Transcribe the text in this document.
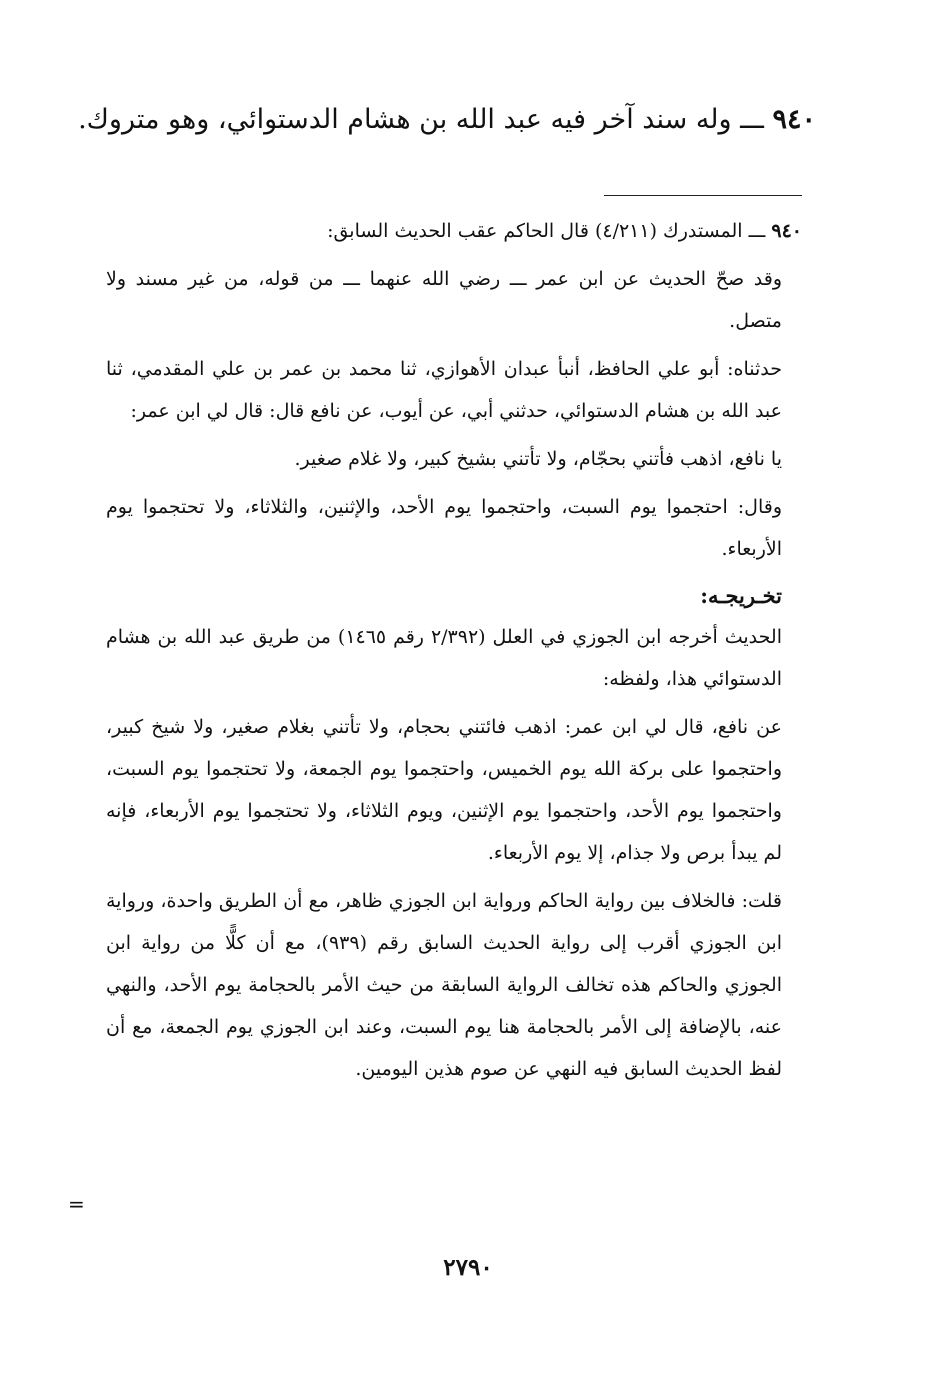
٩٤٠ ـــ وله سند آخر فيه عبد الله بن هشام الدستوائي، وهو متروك.

٩٤٠ ـــ المستدرك (٤/٢١١) قال الحاكم عقب الحديث السابق:

وقد صحّ الحديث عن ابن عمر ـــ رضي الله عنهما ـــ من قوله، من غير مسند ولا متصل.

حدثناه: أبو علي الحافظ، أنبأ عبدان الأهوازي، ثنا محمد بن عمر بن علي المقدمي، ثنا عبد الله بن هشام الدستوائي، حدثني أبي، عن أيوب، عن نافع قال: قال لي ابن عمر:

يا نافع، اذهب فأتني بحجّام، ولا تأتني بشيخ كبير، ولا غلام صغير.

وقال: احتجموا يوم السبت، واحتجموا يوم الأحد، والإثنين، والثلاثاء، ولا تحتجموا يوم الأربعاء.

تخـريجـه:

الحديث أخرجه ابن الجوزي في العلل (٢/٣٩٢ رقم ١٤٦٥) من طريق عبد الله بن هشام الدستوائي هذا، ولفظه:

عن نافع، قال لي ابن عمر: اذهب فائتني بحجام، ولا تأتني بغلام صغير، ولا شيخ كبير، واحتجموا على بركة الله يوم الخميس، واحتجموا يوم الجمعة، ولا تحتجموا يوم السبت، واحتجموا يوم الأحد، واحتجموا يوم الإثنين، ويوم الثلاثاء، ولا تحتجموا يوم الأربعاء، فإنه لم يبدأ برص ولا جذام، إلا يوم الأربعاء.

قلت: فالخلاف بين رواية الحاكم ورواية ابن الجوزي ظاهر، مع أن الطريق واحدة، ورواية ابن الجوزي أقرب إلى رواية الحديث السابق رقم (٩٣٩)، مع أن كلًّا من رواية ابن الجوزي والحاكم هذه تخالف الرواية السابقة من حيث الأمر بالحجامة يوم الأحد، والنهي عنه، بالإضافة إلى الأمر بالحجامة هنا يوم السبت، وعند ابن الجوزي يوم الجمعة، مع أن لفظ الحديث السابق فيه النهي عن صوم هذين اليومين.

=
٢٧٩٠
